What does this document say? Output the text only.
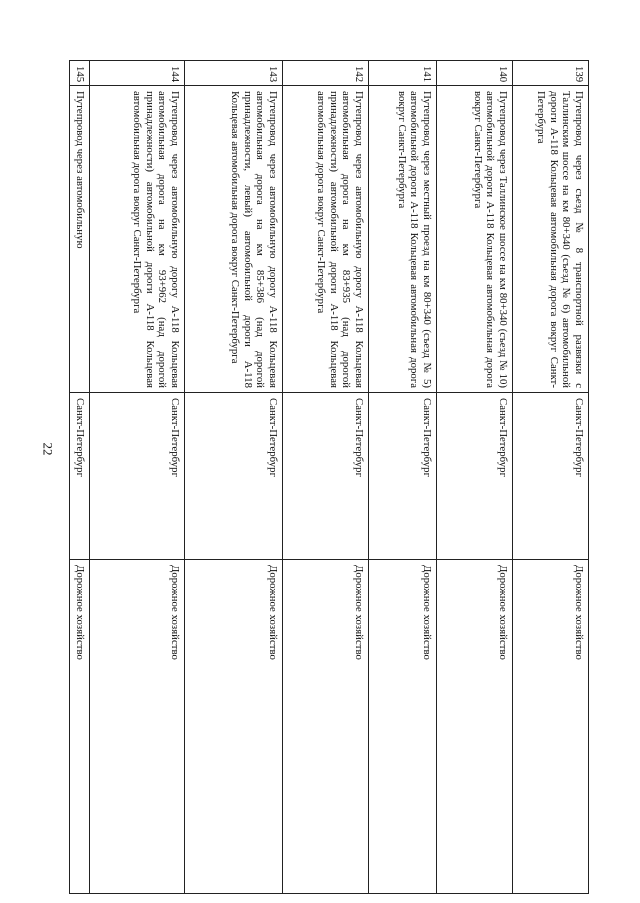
22
139	Путепровод через съезд № 8 транспортной развязки с Таллинским шоссе на км 80+340 (съезд № 6) автомобильной дороги А-118 Кольцевая автомобильная дорога вокруг Санкт-Петербурга	Санкт-Петербург	Дорожное хозяйство
140	Путепровод через Таллинское шоссе на км 80+340 (съезд № 10) автомобильной дороги А-118 Кольцевая автомобильная дорога вокруг Санкт-Петербурга	Санкт-Петербург	Дорожное хозяйство
141	Путепровод через местный проезд на км 80+340 (съезд № 5) автомобильной дороги А-118 Кольцевая автомобильная дорога вокруг Санкт-Петербурга	Санкт-Петербург	Дорожное хозяйство
142	Путепровод через автомобильную дорогу А-118 Кольцевая автомобильная дорога на км 83+935 (над дорогой принадлежности) автомобильной дороги А-118 Кольцевая автомобильная дорога вокруг Санкт-Петербурга	Санкт-Петербург	Дорожное хозяйство
143	Путепровод через автомобильную дорогу А-118 Кольцевая автомобильная дорога на км 85+386 (над дорогой принадлежности, левый) автомобильной дороги А-118 Кольцевая автомобильная дорога вокруг Санкт-Петербурга	Санкт-Петербург	Дорожное хозяйство
144	Путепровод через автомобильную дорогу А-118 Кольцевая автомобильная дорога на км 93+962 (над дорогой принадлежности) автомобильной дороги А-118 Кольцевая автомобильная дорога вокруг Санкт-Петербурга	Санкт-Петербург	Дорожное хозяйство
145	Путепровод через автомобильную	Санкт-Петербург	Дорожное хозяйство
